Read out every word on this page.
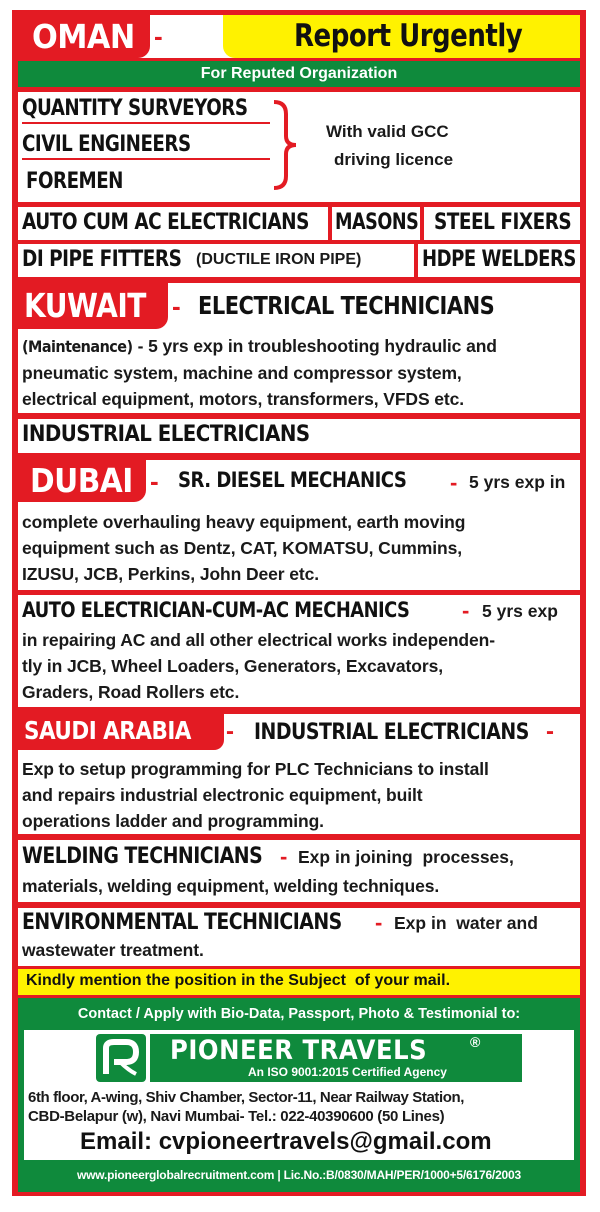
OMAN -	Report Urgently
For Reputed Organization
QUANTITY SURVEYORS
CIVIL ENGINEERS
FOREMEN
With valid GCC
driving licence
AUTO CUM AC ELECTRICIANS	MASONS STEEL FIXERS
DI PIPE FITTERS (DUCTILE IRON PIPE)	HDPE WELDERS
KUWAIT - ELECTRICAL TECHNICIANS
(Maintenance) - 5 yrs exp in troubleshooting hydraulic and
pneumatic system, machine and compressor system,
electrical equipment, motors, transformers, VFDS etc.
INDUSTRIAL ELECTRICIANS
DUBAI - SR. DIESEL MECHANICS	- 5 yrs exp in
complete overhauling heavy equipment, earth moving
equipment such as Dentz, CAT, KOMATSU, Cummins,
IZUSU, JCB, Perkins, John Deer etc.
AUTO ELECTRICIAN-CUM-AC MECHANICS	- 5 yrs exp
in repairing AC and all other electrical works independen-
tly in JCB, Wheel Loaders, Generators, Excavators,
Graders, Road Rollers etc.
SAUDI ARABIA - INDUSTRIAL ELECTRICIANS -
Exp to setup programming for PLC Technicians to install
and repairs industrial electronic equipment, built
operations ladder and programming.
WELDING TECHNICIANS - Exp in joining  processes,
materials, welding equipment, welding techniques.
ENVIRONMENTAL TECHNICIANS	- Exp in  water and
wastewater treatment.
Kindly mention the position in the Subject  of your mail.
Contact / Apply with Bio-Data, Passport, Photo & Testimonial to:
PIONEER TRAVELS	®
An ISO 9001:2015 Certified Agency
6th floor, A-wing, Shiv Chamber, Sector-11, Near Railway Station,
CBD-Belapur (w), Navi Mumbai- Tel.: 022-40390600 (50 Lines)
Email: cvpioneertravels@gmail.com
www.pioneerglobalrecruitment.com | Lic.No.:B/0830/MAH/PER/1000+5/6176/2003
